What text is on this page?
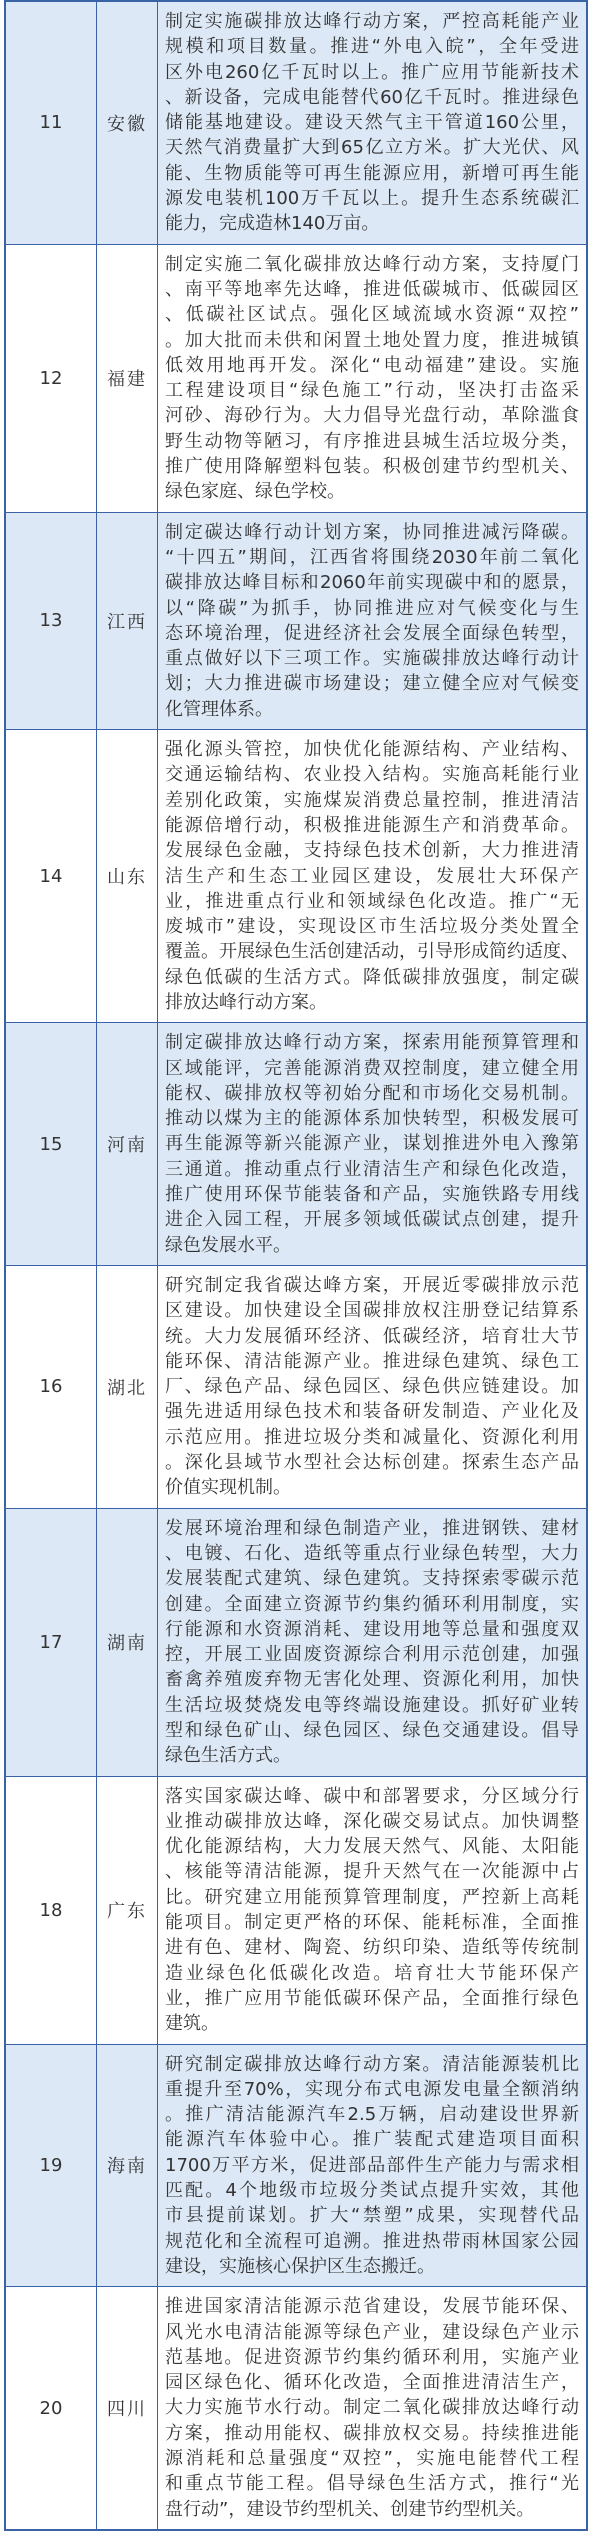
11 安徽
制定实施碳排放达峰行动方案，严控高耗能产业
规模和项目数量。推进“外电入皖”，全年受进
区外电260亿千瓦时以上。推广应用节能新技术
、新设备，完成电能替代60亿千瓦时。推进绿色
储能基地建设。建设天然气主干管道160公里，
天然气消费量扩大到65亿立方米。扩大光伏、风
能、生物质能等可再生能源应用，新增可再生能
源发电装机100万千瓦以上。提升生态系统碳汇
能力，完成造林140万亩。
12 福建
制定实施二氧化碳排放达峰行动方案，支持厦门
、南平等地率先达峰，推进低碳城市、低碳园区
、低碳社区试点。强化区域流域水资源“双控”
。加大批而未供和闲置土地处置力度，推进城镇
低效用地再开发。深化“电动福建”建设。实施
工程建设项目“绿色施工”行动，坚决打击盗采
河砂、海砂行为。大力倡导光盘行动，革除滥食
野生动物等陋习，有序推进县城生活垃圾分类，
推广使用降解塑料包装。积极创建节约型机关、
绿色家庭、绿色学校。
13 江西
制定碳达峰行动计划方案，协同推进减污降碳。
“十四五”期间，江西省将围绕2030年前二氧化
碳排放达峰目标和2060年前实现碳中和的愿景，
以“降碳”为抓手，协同推进应对气候变化与生
态环境治理，促进经济社会发展全面绿色转型，
重点做好以下三项工作。实施碳排放达峰行动计
划；大力推进碳市场建设；建立健全应对气候变
化管理体系。
14 山东
强化源头管控，加快优化能源结构、产业结构、
交通运输结构、农业投入结构。实施高耗能行业
差别化政策，实施煤炭消费总量控制，推进清洁
能源倍增行动，积极推进能源生产和消费革命。
发展绿色金融，支持绿色技术创新，大力推进清
洁生产和生态工业园区建设，发展壮大环保产
业，推进重点行业和领域绿色化改造。推广“无
废城市”建设，实现设区市生活垃圾分类处置全
覆盖。开展绿色生活创建活动，引导形成简约适度、
绿色低碳的生活方式。降低碳排放强度，制定碳
排放达峰行动方案。
15 河南
制定碳排放达峰行动方案，探索用能预算管理和
区域能评，完善能源消费双控制度，建立健全用
能权、碳排放权等初始分配和市场化交易机制。
推动以煤为主的能源体系加快转型，积极发展可
再生能源等新兴能源产业，谋划推进外电入豫第
三通道。推动重点行业清洁生产和绿色化改造，
推广使用环保节能装备和产品，实施铁路专用线
进企入园工程，开展多领域低碳试点创建，提升
绿色发展水平。
16 湖北
研究制定我省碳达峰方案，开展近零碳排放示范
区建设。加快建设全国碳排放权注册登记结算系
统。大力发展循环经济、低碳经济，培育壮大节
能环保、清洁能源产业。推进绿色建筑、绿色工
厂、绿色产品、绿色园区、绿色供应链建设。加
强先进适用绿色技术和装备研发制造、产业化及
示范应用。推进垃圾分类和减量化、资源化利用
。深化县域节水型社会达标创建。探索生态产品
价值实现机制。
17 湖南
发展环境治理和绿色制造产业，推进钢铁、建材
、电镀、石化、造纸等重点行业绿色转型，大力
发展装配式建筑、绿色建筑。支持探索零碳示范
创建。全面建立资源节约集约循环利用制度，实
行能源和水资源消耗、建设用地等总量和强度双
控，开展工业固废资源综合利用示范创建，加强
畜禽养殖废弃物无害化处理、资源化利用，加快
生活垃圾焚烧发电等终端设施建设。抓好矿业转
型和绿色矿山、绿色园区、绿色交通建设。倡导
绿色生活方式。
18 广东
落实国家碳达峰、碳中和部署要求，分区域分行
业推动碳排放达峰，深化碳交易试点。加快调整
优化能源结构，大力发展天然气、风能、太阳能
、核能等清洁能源，提升天然气在一次能源中占
比。研究建立用能预算管理制度，严控新上高耗
能项目。制定更严格的环保、能耗标准，全面推
进有色、建材、陶瓷、纺织印染、造纸等传统制
造业绿色化低碳化改造。培育壮大节能环保产
业，推广应用节能低碳环保产品，全面推行绿色
建筑。
19 海南
研究制定碳排放达峰行动方案。清洁能源装机比
重提升至70%，实现分布式电源发电量全额消纳
。推广清洁能源汽车2.5万辆，启动建设世界新
能源汽车体验中心。推广装配式建造项目面积
1700万平方米，促进部品部件生产能力与需求相
匹配。4个地级市垃圾分类试点提升实效，其他
市县提前谋划。扩大“禁塑”成果，实现替代品
规范化和全流程可追溯。推进热带雨林国家公园
建设，实施核心保护区生态搬迁。
20 四川
推进国家清洁能源示范省建设，发展节能环保、
风光水电清洁能源等绿色产业，建设绿色产业示
范基地。促进资源节约集约循环利用，实施产业
园区绿色化、循环化改造，全面推进清洁生产，
大力实施节水行动。制定二氧化碳排放达峰行动
方案，推动用能权、碳排放权交易。持续推进能
源消耗和总量强度“双控”，实施电能替代工程
和重点节能工程。倡导绿色生活方式，推行“光
盘行动”，建设节约型机关、创建节约型机关。
